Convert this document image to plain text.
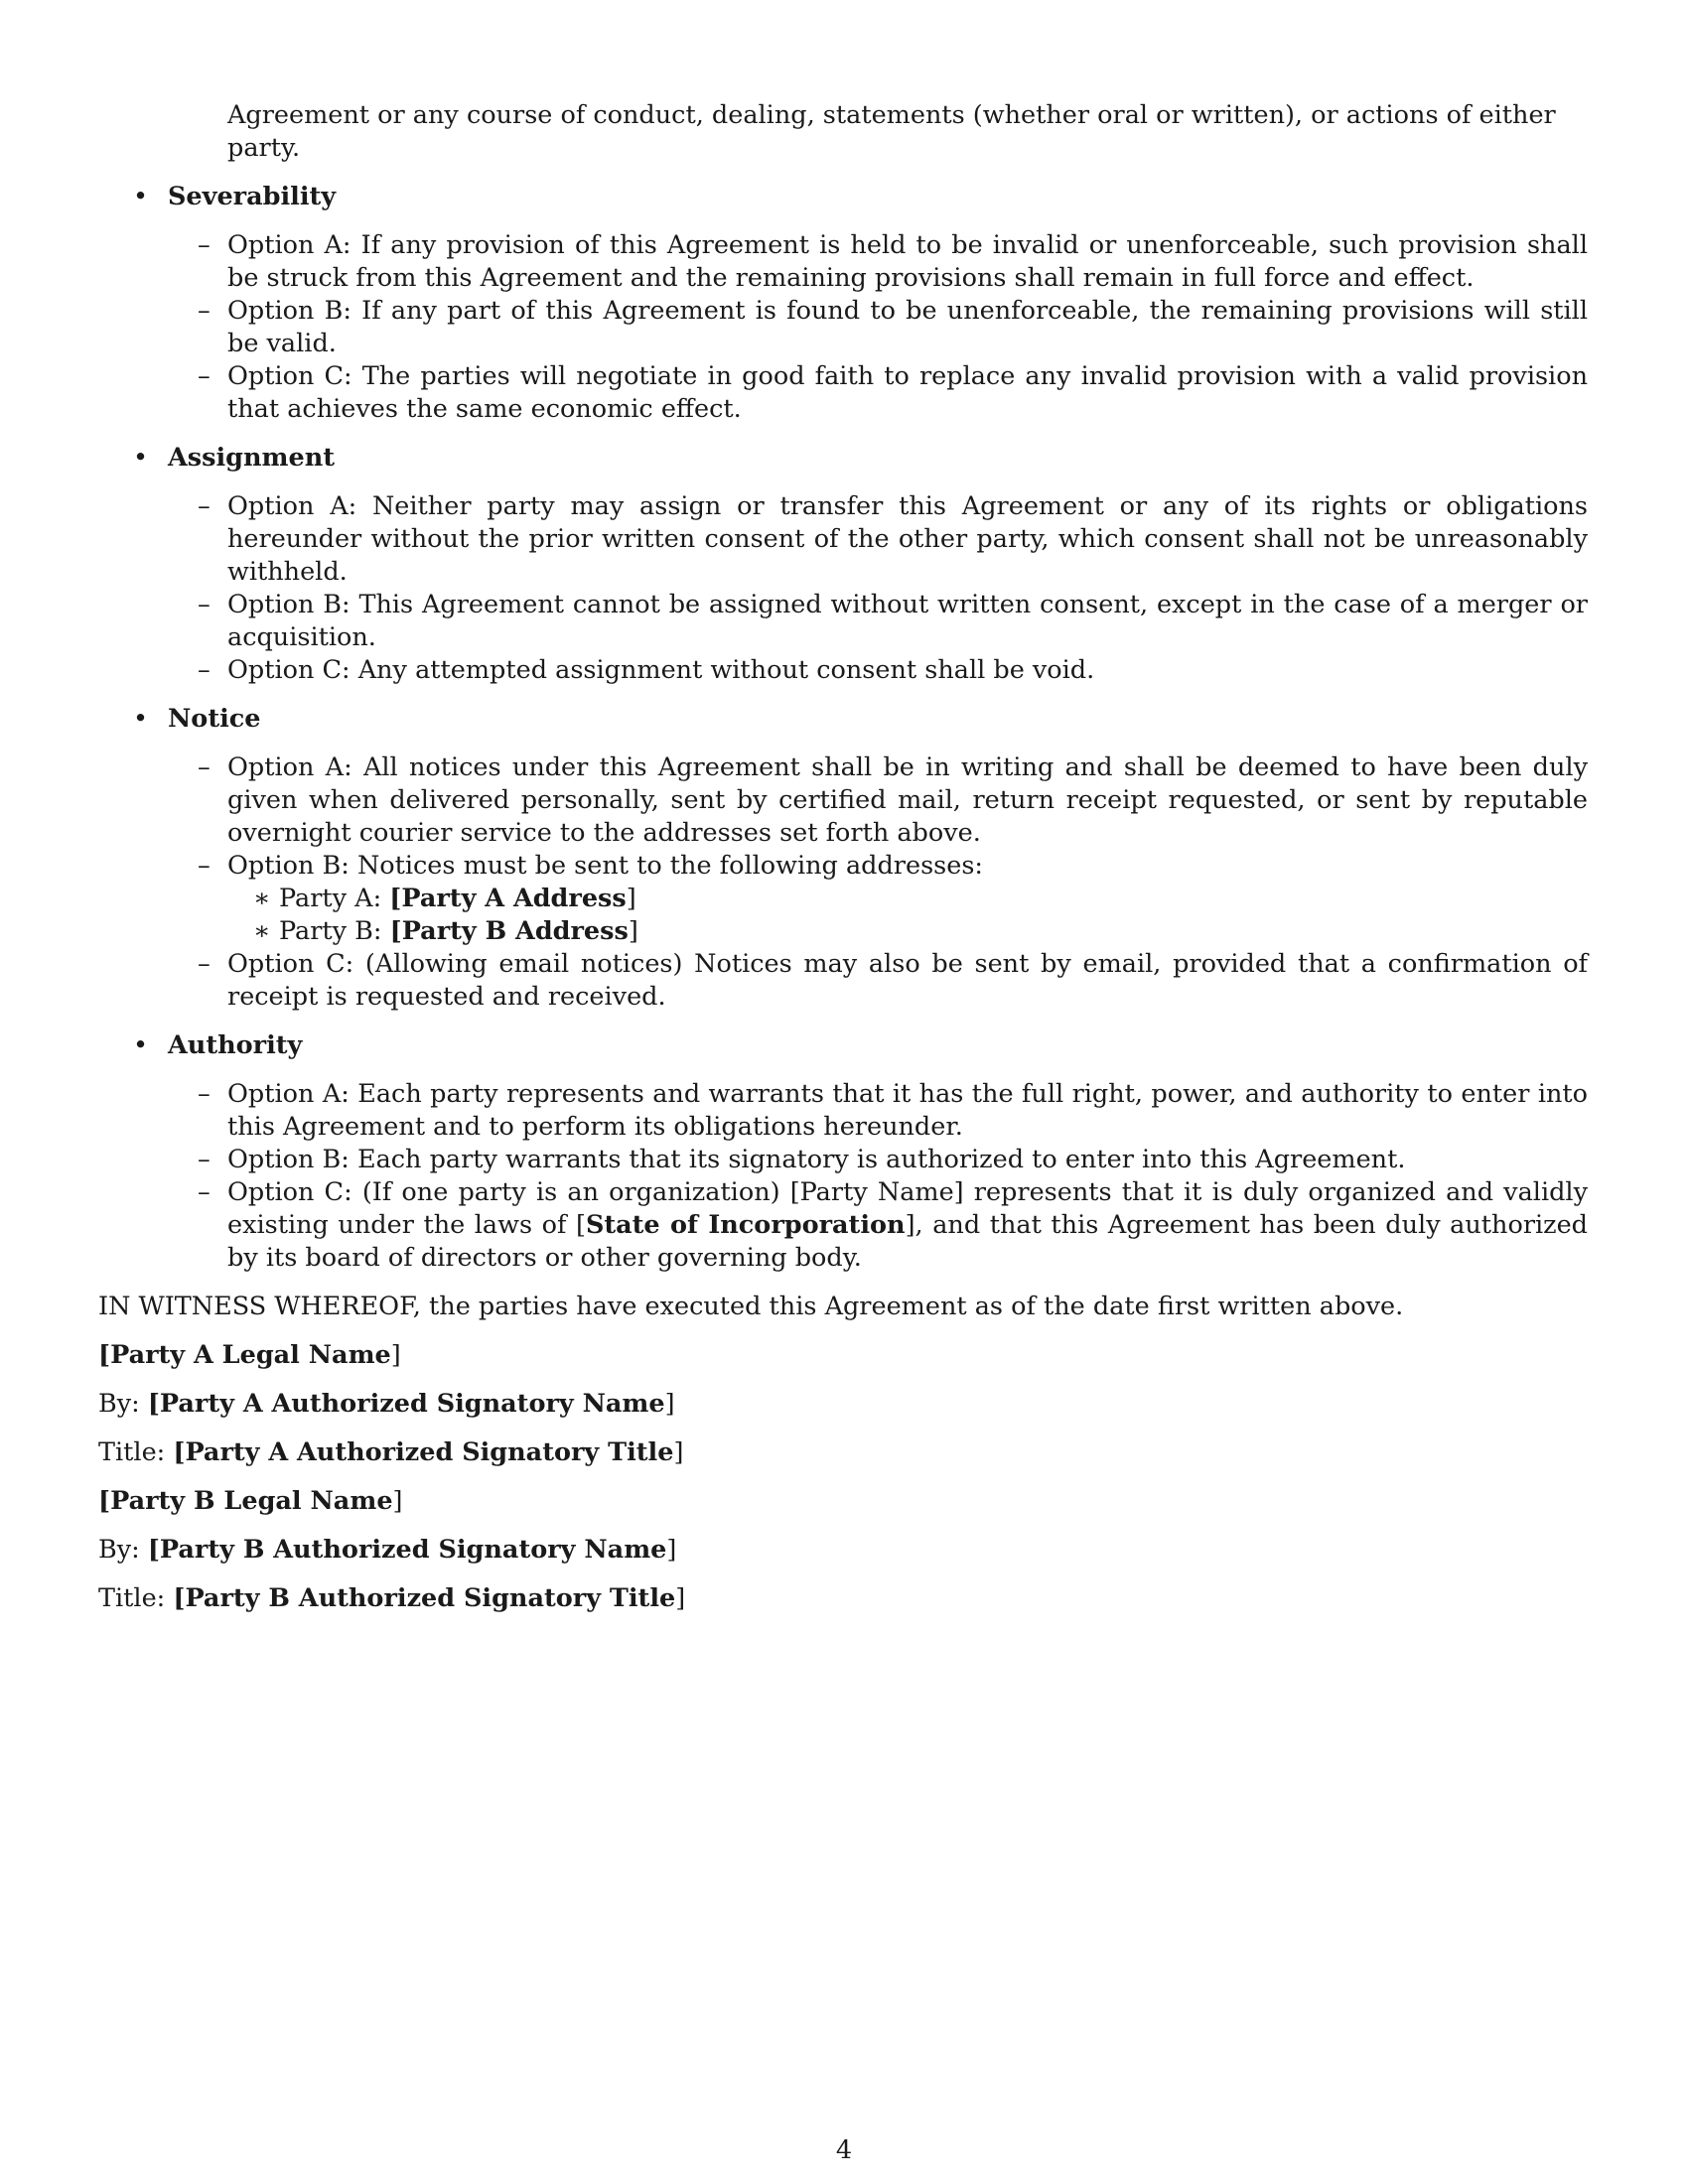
Agreement or any course of conduct, dealing, statements (whether oral or written), or actions of either party.
• Severability
– Option A: If any provision of this Agreement is held to be invalid or unenforceable, such provision shall be struck from this Agreement and the remaining provisions shall remain in full force and effect.
– Option B: If any part of this Agreement is found to be unenforceable, the remaining provisions will still be valid.
– Option C: The parties will negotiate in good faith to replace any invalid provision with a valid provision that achieves the same economic effect.
• Assignment
– Option A: Neither party may assign or transfer this Agreement or any of its rights or obligations hereunder without the prior written consent of the other party, which consent shall not be unreasonably withheld.
– Option B: This Agreement cannot be assigned without written consent, except in the case of a merger or acquisition.
– Option C: Any attempted assignment without consent shall be void.
• Notice
– Option A: All notices under this Agreement shall be in writing and shall be deemed to have been duly given when delivered personally, sent by certified mail, return receipt requested, or sent by reputable overnight courier service to the addresses set forth above.
– Option B: Notices must be sent to the following addresses:
∗ Party A: [Party A Address]
∗ Party B: [Party B Address]
– Option C: (Allowing email notices) Notices may also be sent by email, provided that a confirmation of receipt is requested and received.
• Authority
– Option A: Each party represents and warrants that it has the full right, power, and authority to enter into this Agreement and to perform its obligations hereunder.
– Option B: Each party warrants that its signatory is authorized to enter into this Agreement.
– Option C: (If one party is an organization) [Party Name] represents that it is duly organized and validly existing under the laws of [State of Incorporation], and that this Agreement has been duly authorized by its board of directors or other governing body.
IN WITNESS WHEREOF, the parties have executed this Agreement as of the date first written above.
[Party A Legal Name]
By: [Party A Authorized Signatory Name]
Title: [Party A Authorized Signatory Title]
[Party B Legal Name]
By: [Party B Authorized Signatory Name]
Title: [Party B Authorized Signatory Title]
4
